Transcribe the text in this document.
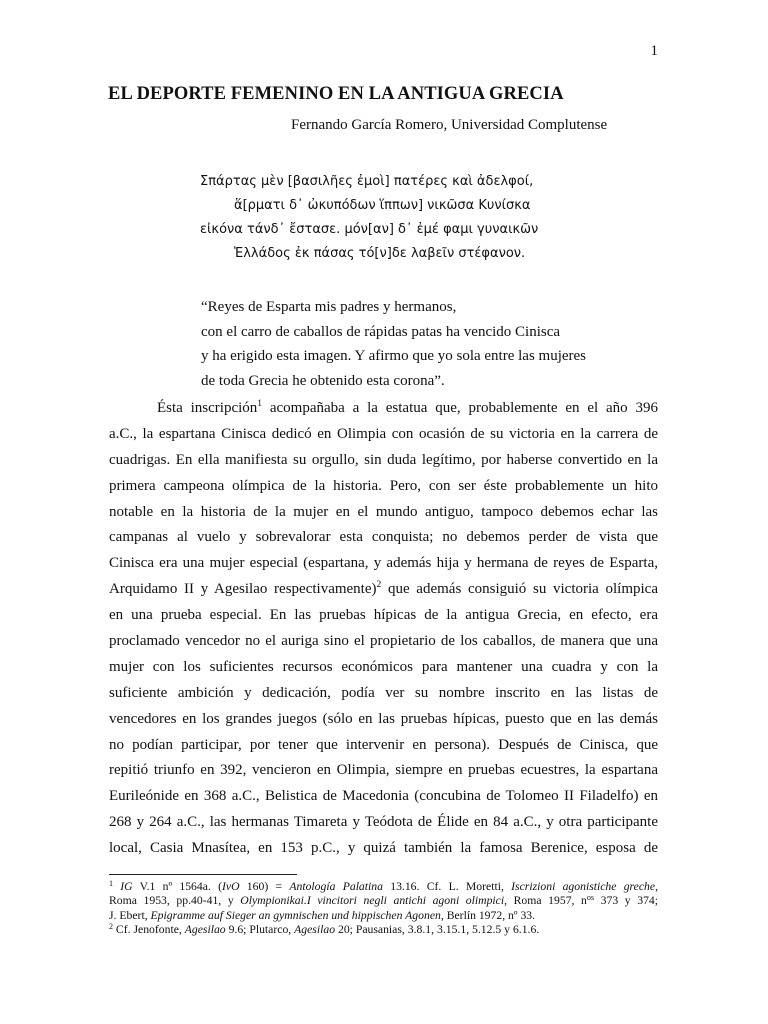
1
EL DEPORTE FEMENINO EN LA ANTIGUA GRECIA
Fernando García Romero, Universidad Complutense
Σπάρτας μὲν [βασιλῆες ἐμοὶ] πατέρες καὶ ἀδελφοί,
ἅ[ρματι δ᾽ ὠκυπόδων ἵππων] νικῶσα Κυνίσκα
εἰκόνα τάνδ᾽ ἔστασε. μόν[αν] δ᾽ ἐμέ φαμι γυναικῶν
Ἑλλάδος ἐκ πάσας τό[ν]δε λαβεῖν στέφανον.
“Reyes de Esparta mis padres y hermanos,
con el carro de caballos de rápidas patas ha vencido Cinisca
y ha erigido esta imagen. Y afirmo que yo sola entre las mujeres
de toda Grecia he obtenido esta corona”.
Ésta inscripción$^1$ acompañaba a la estatua que, probablemente en el año 396
a.C., la espartana Cinisca dedicó en Olimpia con ocasión de su victoria en la carrera de
cuadrigas. En ella manifiesta su orgullo, sin duda legítimo, por haberse convertido en la
primera campeona olímpica de la historia. Pero, con ser éste probablemente un hito
notable en la historia de la mujer en el mundo antiguo, tampoco debemos echar las
campanas al vuelo y sobrevalorar esta conquista; no debemos perder de vista que
Cinisca era una mujer especial (espartana, y además hija y hermana de reyes de Esparta,
Arquidamo II y Agesilao respectivamente)$^2$ que además consiguió su victoria olímpica
en una prueba especial. En las pruebas hípicas de la antigua Grecia, en efecto, era
proclamado vencedor no el auriga sino el propietario de los caballos, de manera que una
mujer con los suficientes recursos económicos para mantener una cuadra y con la
suficiente ambición y dedicación, podía ver su nombre inscrito en las listas de
vencedores en los grandes juegos (sólo en las pruebas hípicas, puesto que en las demás
no podían participar, por tener que intervenir en persona). Después de Cinisca, que
repitió triunfo en 392, vencieron en Olimpia, siempre en pruebas ecuestres, la espartana
Eurileónide en 368 a.C., Belistica de Macedonia (concubina de Tolomeo II Filadelfo) en
268 y 264 a.C., las hermanas Timareta y Teódota de Élide en 84 a.C., y otra participante
local, Casia Mnasítea, en 153 p.C., y quizá también la famosa Berenice, esposa de
$^1$ IG V.1 nº 1564a. (IvO 160) = Antología Palatina 13.16. Cf. L. Moretti, Iscrizioni agonistiche greche,
Roma 1953, pp.40-41, y Olympionikai.I vincitori negli antichi agoni olimpici, Roma 1957, $n^{os}$ 373 y 374;
J. Ebert, Epigramme auf Sieger an gymnischen und hippischen Agonen, Berlín 1972, nº 33.
$^2$ Cf. Jenofonte, Agesilao 9.6; Plutarco, Agesilao 20; Pausanias, 3.8.1, 3.15.1, 5.12.5 y 6.1.6.
